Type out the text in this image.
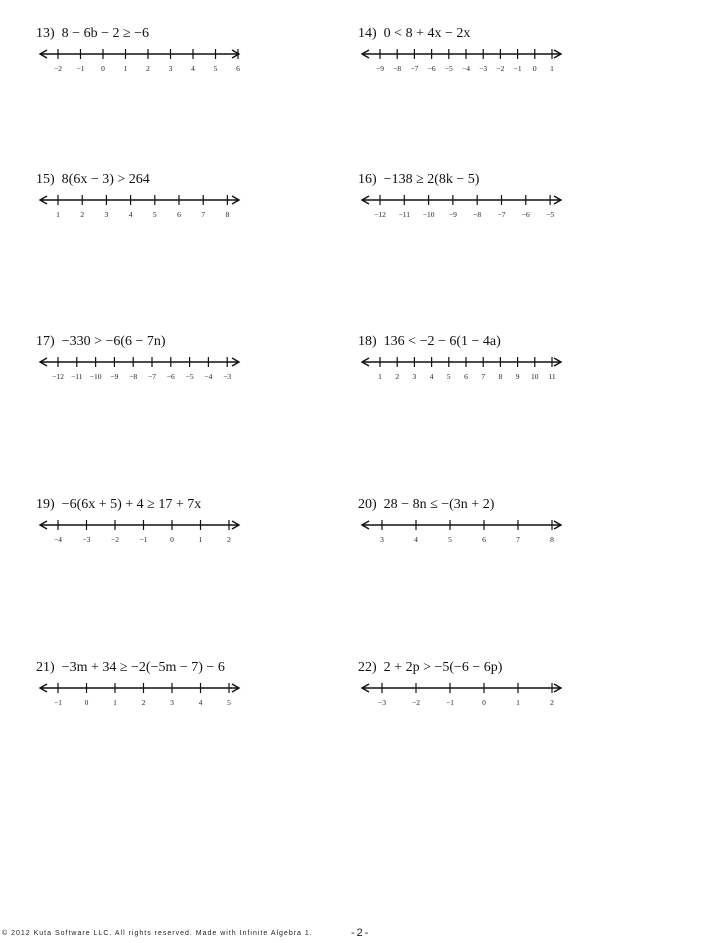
13) 8 − 6b − 2 ≥ −6
−2 −1 0	1	2	3	4	5	6
14) 0 < 8 + 4x − 2x
−9 −8 −7 −6 −5 −4 −3 −2 −1 0 1
15) 8(6x − 3) > 264
1	2	3	4	5	6	7	8
16) −138 ≥ 2(8k − 5)
−12 −11 −10 −9 −8 −7 −6 −5
17) −330 > −6(6 − 7n)
−12 −11 −10 −9 −8 −7 −6 −5 −4 −3
18) 136 < −2 − 6(1 − 4a)
1 2 3 4 5 6 7 8 9 10 11
19) −6(6x + 5) + 4 ≥ 17 + 7x
−4	−3	−2	−1	0	1	2
20) 28 − 8n ≤ −(3n + 2)
3	4	5	6	7	8
21) −3m + 34 ≥ −2(−5m − 7) − 6
−1	0	1	2	3	4	5
22) 2 + 2p > −5(−6 − 6p)
−3	−2	−1	0	1	2
© 2012 Kuta Software LLC. All rights reserved. Made with Infinite Algebra 1.	-2-
